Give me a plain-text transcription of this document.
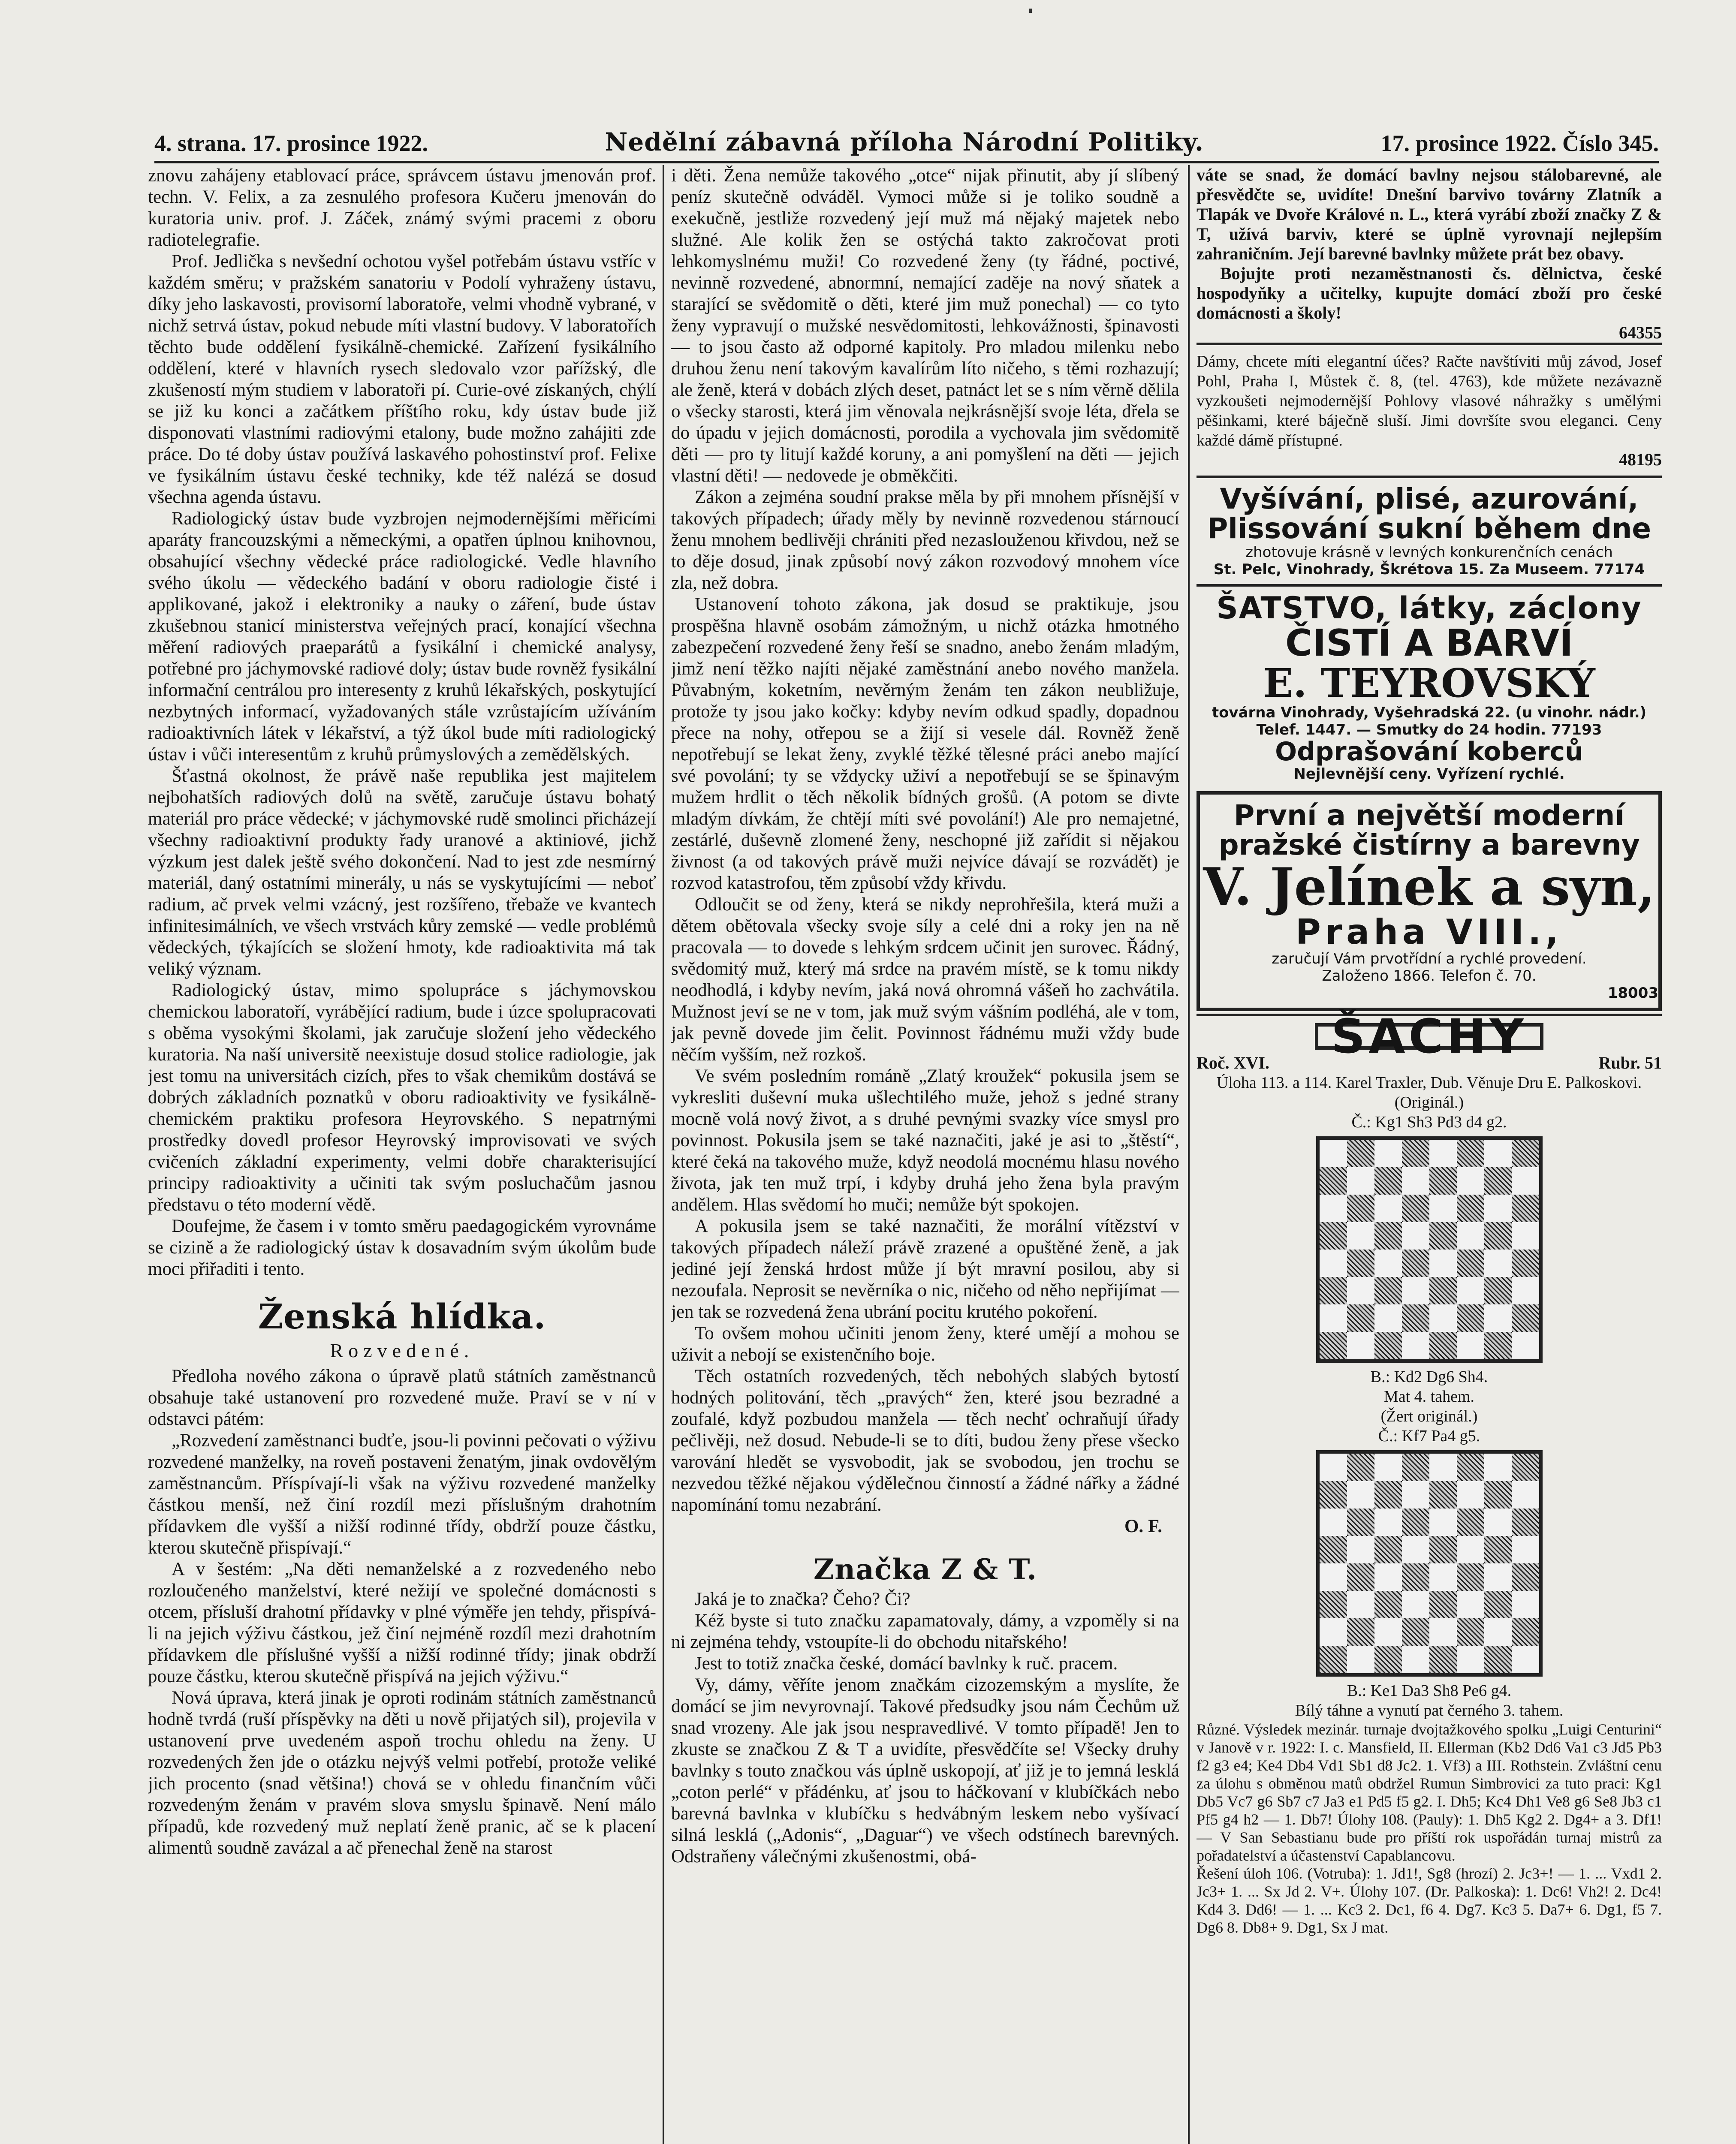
4. strana. 17. prosince 1922.	Nedělní zábavná příloha Národní Politiky.	17. prosince 1922. Číslo 345.

znovu zahájeny etablovací práce, správcem ústavu jmenován prof. techn. V. Felix, a za zesnulého profesora Kučeru jmenován do kuratoria univ. prof. J. Záček, známý svými pracemi z oboru radiotelegrafie.

Prof. Jedlička s nevšední ochotou vyšel potřebám ústavu vstříc v každém směru; v pražském sanatoriu v Podolí vyhraženy ústavu, díky jeho laskavosti, provisorní laboratoře, velmi vhodně vybrané, v nichž setrvá ústav, pokud nebude míti vlastní budovy. V laboratořích těchto bude oddělení fysikálně-chemické. Zařízení fysikálního oddělení, které v hlavních rysech sledovalo vzor pařížský, dle zkušeností mým studiem v laboratoři pí. Curie-ové získaných, chýlí se již ku konci a začátkem příštího roku, kdy ústav bude již disponovati vlastními radiovými etalony, bude možno zahájiti zde práce. Do té doby ústav používá laskavého pohostinství prof. Felixe ve fysikálním ústavu české techniky, kde též nalézá se dosud všechna agenda ústavu.

Radiologický ústav bude vyzbrojen nejmodernějšími měřicími aparáty francouzskými a německými, a opatřen úplnou knihovnou, obsahující všechny vědecké práce radiologické. Vedle hlavního svého úkolu — vědeckého badání v oboru radiologie čisté i applikované, jakož i elektroniky a nauky o záření, bude ústav zkušebnou stanicí ministerstva veřejných prací, konající všechna měření radiových praeparátů a fysikální i chemické analysy, potřebné pro jáchymovské radiové doly; ústav bude rovněž fysikální informační centrálou pro interesenty z kruhů lékařských, poskytující nezbytných informací, vyžadovaných stále vzrůstajícím užíváním radioaktivních látek v lékařství, a týž úkol bude míti radiologický ústav i vůči interesentům z kruhů průmyslových a zemědělských.

Šťastná okolnost, že právě naše republika jest majitelem nejbohatších radiových dolů na světě, zaručuje ústavu bohatý materiál pro práce vědecké; v jáchymovské rudě smolinci přicházejí všechny radioaktivní produkty řady uranové a aktiniové, jichž výzkum jest dalek ještě svého dokončení. Nad to jest zde nesmírný materiál, daný ostatními minerály, u nás se vyskytujícími — neboť radium, ač prvek velmi vzácný, jest rozšířeno, třebaže ve kvantech infinitesimálních, ve všech vrstvách kůry zemské — vedle problémů vědeckých, týkajících se složení hmoty, kde radioaktivita má tak veliký význam.

Radiologický ústav, mimo spolupráce s jáchymovskou chemickou laboratoří, vyrábějící radium, bude i úzce spolupracovati s oběma vysokými školami, jak zaručuje složení jeho vědeckého kuratoria. Na naší universitě neexistuje dosud stolice radiologie, jak jest tomu na universitách cizích, přes to však chemikům dostává se dobrých základních poznatků v oboru radioaktivity ve fysikálně-chemickém praktiku profesora Heyrovského. S nepatrnými prostředky dovedl profesor Heyrovský improvisovati ve svých cvičeních základní experimenty, velmi dobře charakterisující principy radioaktivity a učiniti tak svým posluchačům jasnou představu o této moderní vědě.

Doufejme, že časem i v tomto směru paedagogickém vyrovnáme se cizině a že radiologický ústav k dosavadním svým úkolům bude moci přiřaditi i tento.

Ženská hlídka.
Rozvedené.

Předloha nového zákona o úpravě platů státních zaměstnanců obsahuje také ustanovení pro rozvedené muže. Praví se v ní v odstavci pátém:

„Rozvedení zaměstnanci budťe, jsou-li povinni pečovati o výživu rozvedené manželky, na roveň postaveni ženatým, jinak ovdovělým zaměstnancům. Příspívají-li však na výživu rozvedené manželky částkou menší, než činí rozdíl mezi příslušným drahotním přídavkem dle vyšší a nižší rodinné třídy, obdrží pouze částku, kterou skutečně přispívají.“

A v šestém: „Na děti nemanželské a z rozvedeného nebo rozloučeného manželství, které nežijí ve společné domácnosti s otcem, přísluší drahotní přídavky v plné výměře jen tehdy, přispívá-li na jejich výživu částkou, jež činí nejméně rozdíl mezi drahotním přídavkem dle příslušné vyšší a nižší rodinné třídy; jinak obdrží pouze částku, kterou skutečně přispívá na jejich výživu.“

Nová úprava, která jinak je oproti rodinám státních zaměstnanců hodně tvrdá (ruší příspěvky na děti u nově přijatých sil), projevila v ustanovení prve uvedeném aspoň trochu ohledu na ženy. U rozvedených žen jde o otázku nejvýš velmi potřebí, protože veliké jich procento (snad většina!) chová se v ohledu finančním vůči rozvedeným ženám v pravém slova smyslu špinavě. Není málo případů, kde rozvedený muž neplatí ženě pranic, ač se k placení alimentů soudně zavázal a ač přenechal ženě na starost

i děti. Žena nemůže takového „otce“ nijak přinutit, aby jí slíbený peníz skutečně odváděl. Vymoci může si je toliko soudně a exekučně, jestliže rozvedený její muž má nějaký majetek nebo služné. Ale kolik žen se ostýchá takto zakročovat proti lehkomyslnému muži! Co rozvedené ženy (ty řádné, poctivé, nevinně rozvedené, abnormní, nemající zaděje na nový sňatek a starající se svědomitě o děti, které jim muž ponechal) — co tyto ženy vypravují o mužské nesvědomitosti, lehkovážnosti, špinavosti — to jsou často až odporné kapitoly. Pro mladou milenku nebo druhou ženu není takovým kavalírům líto ničeho, s těmi rozhazují; ale ženě, která v dobách zlých deset, patnáct let se s ním věrně dělila o všecky starosti, která jim věnovala nejkrásnější svoje léta, dřela se do úpadu v jejich domácnosti, porodila a vychovala jim svědomitě děti — pro ty litují každé koruny, a ani pomyšlení na děti — jejich vlastní děti! — nedovede je obměkčiti.

Zákon a zejména soudní prakse měla by při mnohem přísnější v takových případech; úřady měly by nevinně rozvedenou stárnoucí ženu mnohem bedlivěji chrániti před nezaslouženou křivdou, než se to děje dosud, jinak způsobí nový zákon rozvodový mnohem více zla, než dobra.

Ustanovení tohoto zákona, jak dosud se praktikuje, jsou prospěšna hlavně osobám zámožným, u nichž otázka hmotného zabezpečení rozvedené ženy řeší se snadno, anebo ženám mladým, jimž není těžko najíti nějaké zaměstnání anebo nového manžela. Půvabným, koketním, nevěrným ženám ten zákon neubližuje, protože ty jsou jako kočky: kdyby nevím odkud spadly, dopadnou přece na nohy, otřepou se a žijí si vesele dál. Rovněž ženě nepotřebují se lekat ženy, zvyklé těžké tělesné práci anebo mající své povolání; ty se vždycky uživí a nepotřebují se se špinavým mužem hrdlit o těch několik bídných grošů. (A potom se divte mladým dívkám, že chtějí míti své povolání!) Ale pro nemajetné, zestárlé, duševně zlomené ženy, neschopné již zařídit si nějakou živnost (a od takových právě muži nejvíce dávají se rozvádět) je rozvod katastrofou, těm způsobí vždy křivdu.

Odloučit se od ženy, která se nikdy neprohřešila, která muži a dětem obětovala všecky svoje síly a celé dni a roky jen na ně pracovala — to dovede s lehkým srdcem učinit jen surovec. Řádný, svědomitý muž, který má srdce na pravém místě, se k tomu nikdy neodhodlá, i kdyby nevím, jaká nová ohromná vášeň ho zachvátila. Mužnost jeví se ne v tom, jak muž svým vášním podléhá, ale v tom, jak pevně dovede jim čelit. Povinnost řádnému muži vždy bude něčím vyšším, než rozkoš.

Ve svém posledním románě „Zlatý kroužek“ pokusila jsem se vykresliti duševní muka ušlechtilého muže, jehož s jedné strany mocně volá nový život, a s druhé pevnými svazky více smysl pro povinnost. Pokusila jsem se také naznačiti, jaké je asi to „štěstí“, které čeká na takového muže, když neodolá mocnému hlasu nového života, jak ten muž trpí, i kdyby druhá jeho žena byla pravým andělem. Hlas svědomí ho muči; nemůže být spokojen.

A pokusila jsem se také naznačiti, že morální vítězství v takových případech náleží právě zrazené a opuštěné ženě, a jak jediné její ženská hrdost může jí být mravní posilou, aby si nezoufala. Neprosit se nevěrníka o nic, ničeho od něho nepřijímat — jen tak se rozvedená žena ubrání pocitu krutého pokoření.

To ovšem mohou učiniti jenom ženy, které umějí a mohou se uživit a nebojí se existenčního boje.

Těch ostatních rozvedených, těch nebohých slabých bytostí hodných politování, těch „pravých“ žen, které jsou bezradné a zoufalé, když pozbudou manžela — těch nechť ochraňují úřady pečlivěji, než dosud. Nebude-li se to díti, budou ženy přese všecko varování hledět se vysvobodit, jak se svobodou, jen trochu se nezvedou těžké nějakou výdělečnou činností a žádné nářky a žádné napomínání tomu nezabrání.

O. F.
Značka Z & T.

Jaká je to značka? Čeho? Či?

Kéž byste si tuto značku zapamatovaly, dámy, a vzpoměly si na ni zejména tehdy, vstoupíte-li do obchodu nitařského!

Jest to totiž značka české, domácí bavlnky k ruč. pracem.

Vy, dámy, věříte jenom značkám cizozemským a myslíte, že domácí se jim nevyrovnají. Takové předsudky jsou nám Čechům už snad vrozeny. Ale jak jsou nespravedlivé. V tomto případě! Jen to zkuste se značkou Z & T a uvidíte, přesvědčíte se! Všecky druhy bavlnky s touto značkou vás úplně uskopojí, ať již je to jemná lesklá „coton perlé“ v přádénku, ať jsou to háčkovaní v klubíčkách nebo barevná bavlnka v klubíčku s hedvábným leskem nebo vyšívací silná lesklá („Adonis“, „Daguar“) ve všech odstínech barevných. Odstraňeny válečnými zkušenostmi, obá-

váte se snad, že domácí bavlny nejsou stálobarevné, ale přesvědčte se, uvidíte! Dnešní barvivo továrny Zlatník a Tlapák ve Dvoře Králové n. L., která vyrábí zboží značky Z & T, užívá barviv, které se úplně vyrovnají nejlepším zahraničním. Její barevné bavlnky můžete prát bez obavy.

Bojujte proti nezaměstnanosti čs. dělnictva, české hospodyňky a učitelky, kupujte domácí zboží pro české domácnosti a školy!

64355
Dámy, chcete míti elegantní účes? Račte navštíviti můj závod, Josef Pohl, Praha I, Můstek č. 8, (tel. 4763), kde můžete nezávazně vyzkoušeti nejmodernější Pohlovy vlasové náhražky s umělými pěšinkami, které báječně sluší. Jimi dovršíte svou eleganci. Ceny každé dámě přístupné.
48195
Vyšívání, plisé, azurování,
Plissování sukní během dne
zhotovuje krásně v levných konkurenčních cenách
St. Pelc, Vinohrady, Škrétova 15. Za Museem. 77174
ŠATSTVO, látky, záclony
ČISTÍ A BARVÍ
E. TEYROVSKÝ
továrna Vinohrady, Vyšehradská 22. (u vinohr. nádr.) Telef. 1447. — Smutky do 24 hodin. 77193
Odprašování koberců
Nejlevnější ceny. Vyřízení rychlé.
První a největší moderní
pražské čistírny a barevny
V. Jelínek a syn,
Praha VIII.,
zaručují Vám prvotřídní a rychlé provedení.
Založeno 1866. Telefon č. 70.
18003
ŠACHY
Roč. XVI.	Rubr. 51
Úloha 113. a 114. Karel Traxler, Dub. Věnuje Dru E. Palkoskovi.
(Originál.)
Č.: Kg1 Sh3 Pd3 d4 g2.
B.: Kd2 Dg6 Sh4.
Mat 4. tahem.
(Žert originál.)
Č.: Kf7 Pa4 g5.
B.: Ke1 Da3 Sh8 Pe6 g4.
Bílý táhne a vynutí pat černého 3. tahem.

Různé. Výsledek mezinár. turnaje dvojtažkového spolku „Luigi Centurini“ v Janově v r. 1922: I. c. Mansfield, II. Ellerman (Kb2 Dd6 Va1 c3 Jd5 Pb3 f2 g3 e4; Ke4 Db4 Vd1 Sb1 d8 Jc2. 1. Vf3) a III. Rothstein. Zvláštní cenu za úlohu s obměnou matů obdržel Rumun Simbrovici za tuto praci: Kg1 Db5 Vc7 g6 Sb7 c7 Ja3 e1 Pd5 f5 g2. I. Dh5; Kc4 Dh1 Ve8 g6 Se8 Jb3 c1 Pf5 g4 h2 — 1. Db7! Úlohy 108. (Pauly): 1. Dh5 Kg2 2. Dg4+ a 3. Df1! — V San Sebastianu bude pro příští rok uspořádán turnaj mistrů za pořadatelství a účastenství Capablancovu.

Řešení úloh 106. (Votruba): 1. Jd1!, Sg8 (hrozí) 2. Jc3+! — 1. ... Vxd1 2. Jc3+ 1. ... Sx Jd 2. V+. Úlohy 107. (Dr. Palkoska): 1. Dc6! Vh2! 2. Dc4! Kd4 3. Dd6! — 1. ... Kc3 2. Dc1, f6 4. Dg7. Kc3 5. Da7+ 6. Dg1, f5 7. Dg6 8. Db8+ 9. Dg1, Sx J mat.
